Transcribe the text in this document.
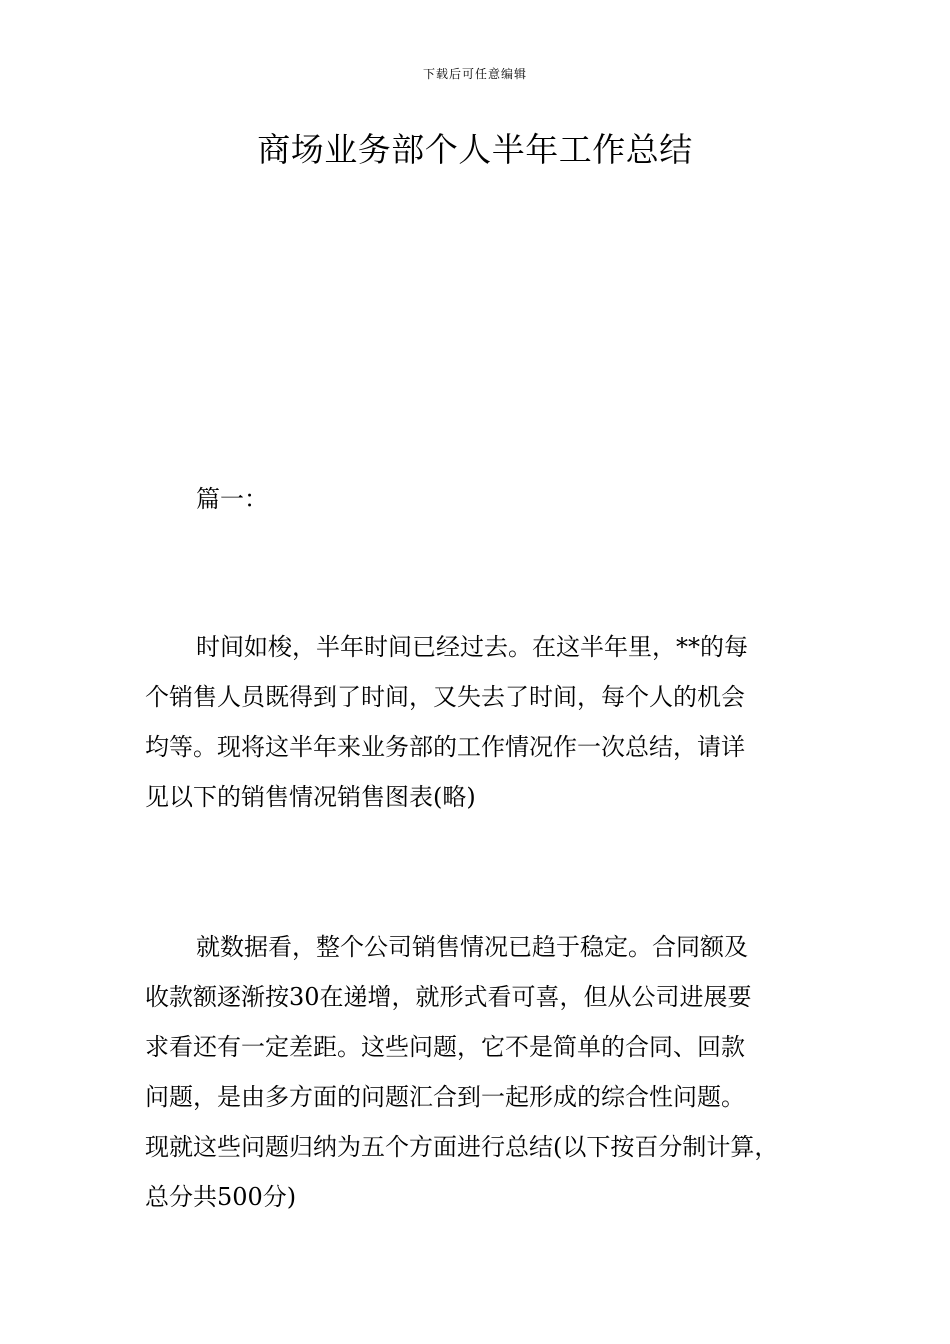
下载后可任意编辑
商场业务部个人半年工作总结
篇一：

时间如梭，半年时间已经过去。在这半年里，**的每
个销售人员既得到了时间，又失去了时间，每个人的机会
均等。现将这半年来业务部的工作情况作一次总结，请详
见以下的销售情况销售图表(略)

就数据看，整个公司销售情况已趋于稳定。合同额及
收款额逐渐按30在递增，就形式看可喜，但从公司进展要
求看还有一定差距。这些问题，它不是简单的合同、回款
问题，是由多方面的问题汇合到一起形成的综合性问题。
现就这些问题归纳为五个方面进行总结(以下按百分制计算，
总分共500分)
